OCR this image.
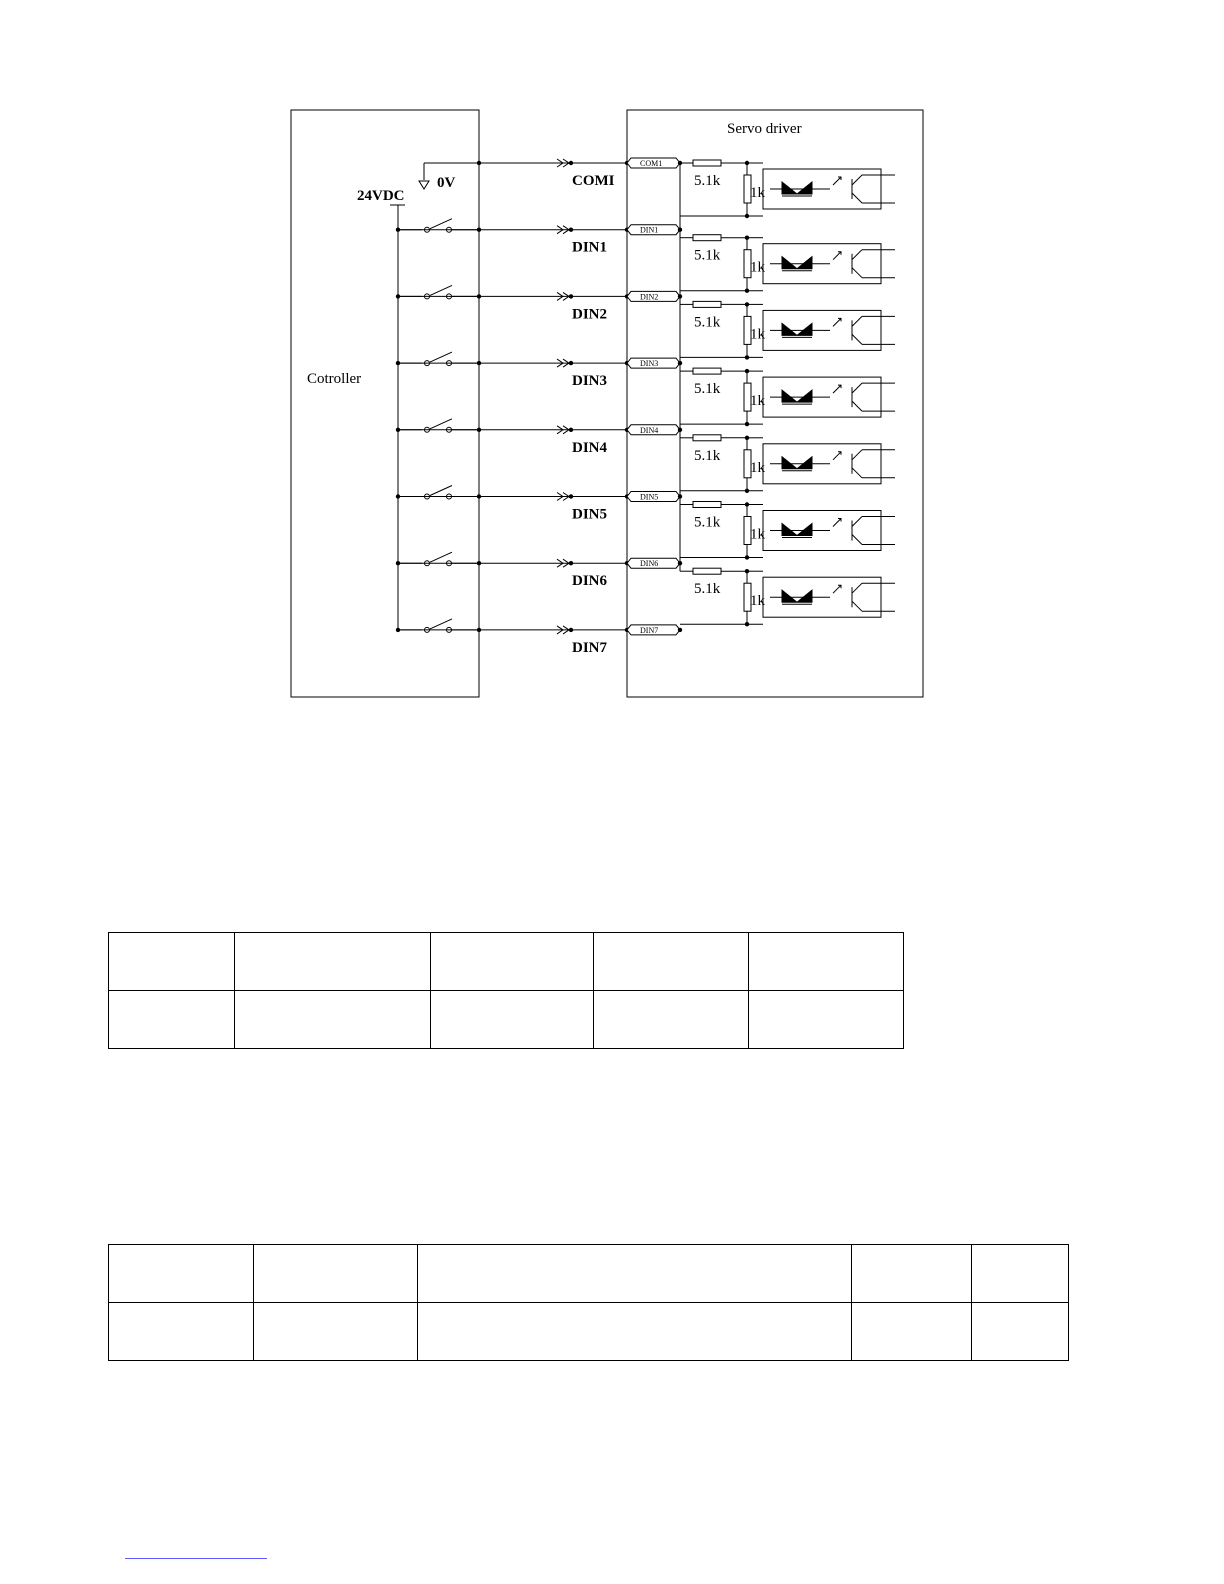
Cotroller
Servo driver
24VDC
0V	COMI
COM1
5.1k
1k
DIN1
DIN1
5.1k
1k
DIN2
DIN2
5.1k
1k
DIN3
DIN3
5.1k
1k
DIN4
DIN4
5.1k
1k
DIN5
DIN5
5.1k
1k
DIN6
DIN6
5.1k
1k
DIN7
DIN7
